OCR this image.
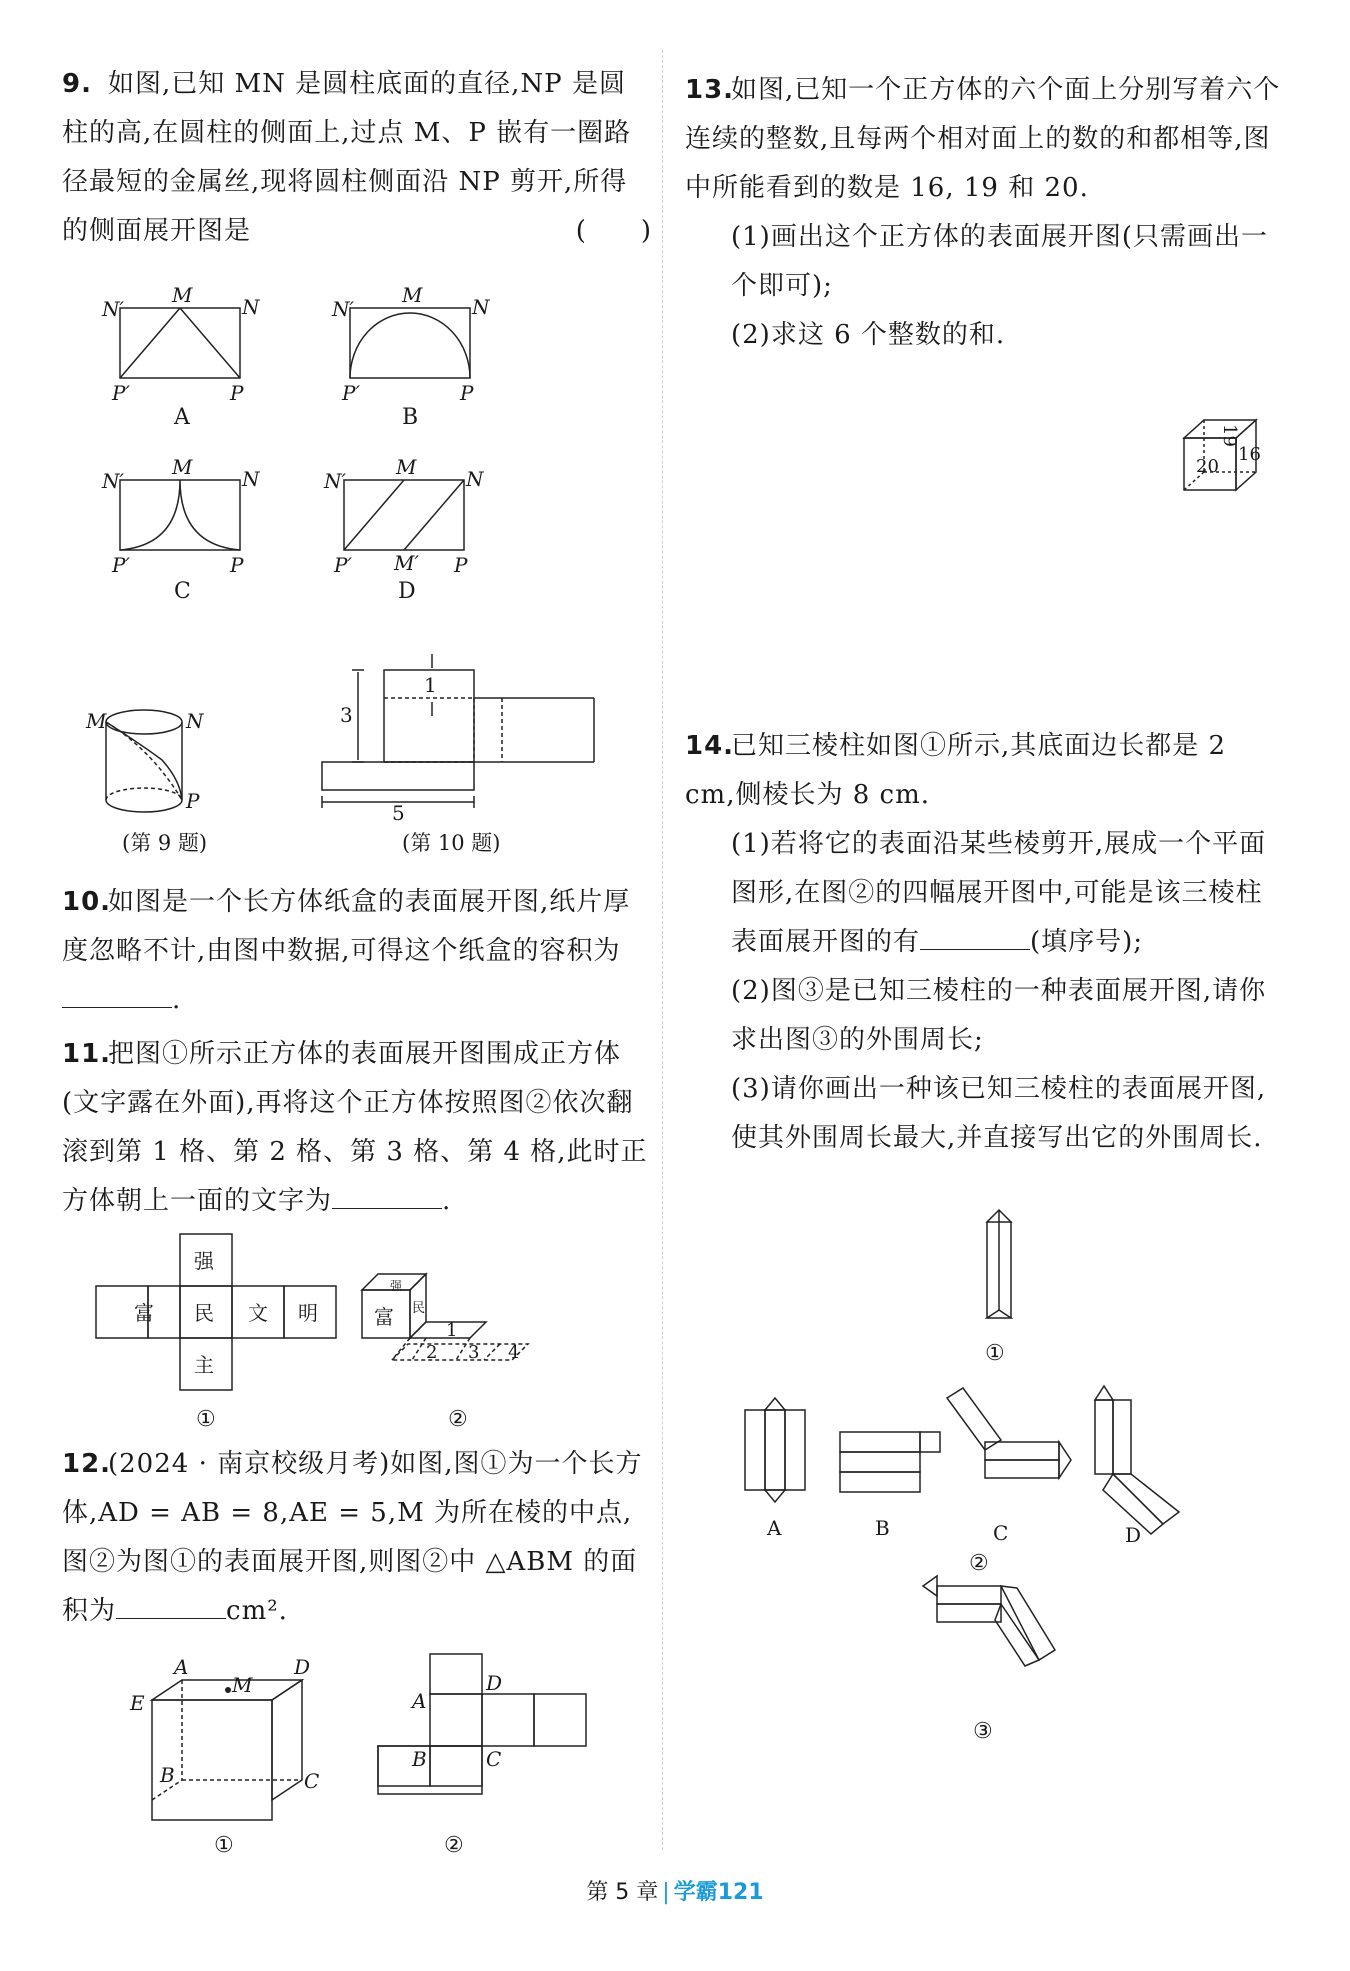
9. 如图,已知 MN 是圆柱底面的直径,NP 是圆柱的高,在圆柱的侧面上,过点 M、P 嵌有一圈路径最短的金属丝,现将圆柱侧面沿 NP 剪开,所得的侧面展开图是	(　　)

N′
M N
P′	P
A
N′
M N
P′	P
B
N′
M N
P′	P
C
N′
M N
P′ M′ P
D
M	N
P
(第 9 题)
3
1
5
(第 10 题)

10.如图是一个长方体纸盒的表面展开图,纸片厚度忽略不计,由图中数据,可得这个纸盒的容积为.

11.把图①所示正方体的表面展开图围成正方体(文字露在外面),再将这个正方体按照图②依次翻滚到第 1 格、第 2 格、第 3 格、第 4 格,此时正方体朝上一面的文字为	.

强
富 民 文 明
主
①
强
富 民
1
2 3 4
②

12.(2024 · 南京校级月考)如图,图①为一个长方体,AD = AB = 8,AE = 5,M 为所在棱的中点,图②为图①的表面展开图,则图②中 △ABM 的面积为	cm².

A	D
E
M
B	C
①
A
D
B	C
②

13.如图,已知一个正方体的六个面上分别写着六个连续的整数,且每两个相对面上的数的和都相等,图中所能看到的数是 16, 19 和 20.

(1)画出这个正方体的表面展开图(只需画出一个即可);

(2)求这 6 个整数的和.

19
20
16

14.已知三棱柱如图①所示,其底面边长都是 2 cm,侧棱长为 8 cm.

(1)若将它的表面沿某些棱剪开,展成一个平面图形,在图②的四幅展开图中,可能是该三棱柱表面展开图的有	(填序号);

(2)图③是已知三棱柱的一种表面展开图,请你求出图③的外围周长;

(3)请你画出一种该已知三棱柱的表面展开图,使其外围周长最大,并直接写出它的外围周长.

①
A	B	C	D
②
③
第 5 章 | 学霸121
